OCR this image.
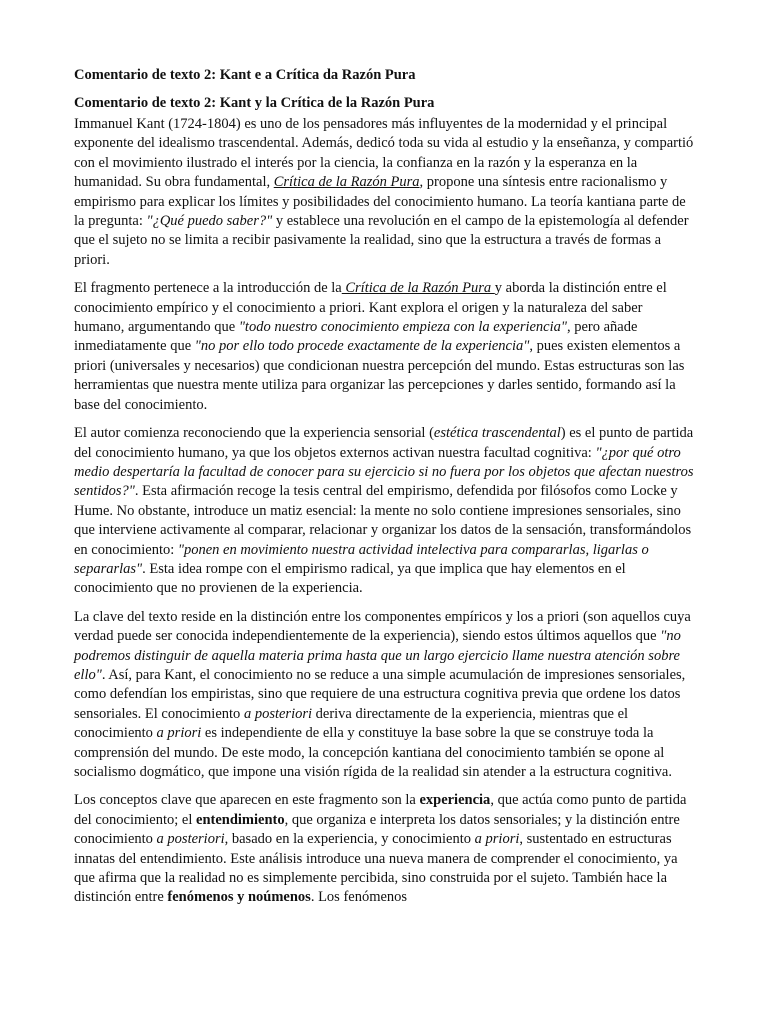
Comentario de texto 2: Kant e a Crítica da Razón Pura
Comentario de texto 2: Kant y la Crítica de la Razón Pura

Immanuel Kant (1724-1804) es uno de los pensadores más influyentes de la modernidad y el principal exponente del idealismo trascendental. Además, dedicó toda su vida al estudio y la enseñanza, y compartió con el movimiento ilustrado el interés por la ciencia, la confianza en la razón y la esperanza en la humanidad. Su obra fundamental, Crítica de la Razón Pura, propone una síntesis entre racionalismo y empirismo para explicar los límites y posibilidades del conocimiento humano. La teoría kantiana parte de la pregunta: "¿Qué puedo saber?" y establece una revolución en el campo de la epistemología al defender que el sujeto no se limita a recibir pasivamente la realidad, sino que la estructura a través de formas a priori.

El fragmento pertenece a la introducción de la Crítica de la Razón Pura y aborda la distinción entre el conocimiento empírico y el conocimiento a priori. Kant explora el origen y la naturaleza del saber humano, argumentando que "todo nuestro conocimiento empieza con la experiencia", pero añade inmediatamente que "no por ello todo procede exactamente de la experiencia", pues existen elementos a priori (universales y necesarios) que condicionan nuestra percepción del mundo. Estas estructuras son las herramientas que nuestra mente utiliza para organizar las percepciones y darles sentido, formando así la base del conocimiento.

El autor comienza reconociendo que la experiencia sensorial (estética trascendental) es el punto de partida del conocimiento humano, ya que los objetos externos activan nuestra facultad cognitiva: "¿por qué otro medio despertaría la facultad de conocer para su ejercicio si no fuera por los objetos que afectan nuestros sentidos?". Esta afirmación recoge la tesis central del empirismo, defendida por filósofos como Locke y Hume. No obstante, introduce un matiz esencial: la mente no solo contiene impresiones sensoriales, sino que interviene activamente al comparar, relacionar y organizar los datos de la sensación, transformándolos en conocimiento: "ponen en movimiento nuestra actividad intelectiva para compararlas, ligarlas o separarlas". Esta idea rompe con el empirismo radical, ya que implica que hay elementos en el conocimiento que no provienen de la experiencia.

La clave del texto reside en la distinción entre los componentes empíricos y los a priori (son aquellos cuya verdad puede ser conocida independientemente de la experiencia), siendo estos últimos aquellos que "no podremos distinguir de aquella materia prima hasta que un largo ejercicio llame nuestra atención sobre ello". Así, para Kant, el conocimiento no se reduce a una simple acumulación de impresiones sensoriales, como defendían los empiristas, sino que requiere de una estructura cognitiva previa que ordene los datos sensoriales. El conocimiento a posteriori deriva directamente de la experiencia, mientras que el conocimiento a priori es independiente de ella y constituye la base sobre la que se construye toda la comprensión del mundo. De este modo, la concepción kantiana del conocimiento también se opone al socialismo dogmático, que impone una visión rígida de la realidad sin atender a la estructura cognitiva.

Los conceptos clave que aparecen en este fragmento son la experiencia, que actúa como punto de partida del conocimiento; el entendimiento, que organiza e interpreta los datos sensoriales; y la distinción entre conocimiento a posteriori, basado en la experiencia, y conocimiento a priori, sustentado en estructuras innatas del entendimiento. Este análisis introduce una nueva manera de comprender el conocimiento, ya que afirma que la realidad no es simplemente percibida, sino construida por el sujeto. También hace la distinción entre fenómenos y noúmenos. Los fenómenos
